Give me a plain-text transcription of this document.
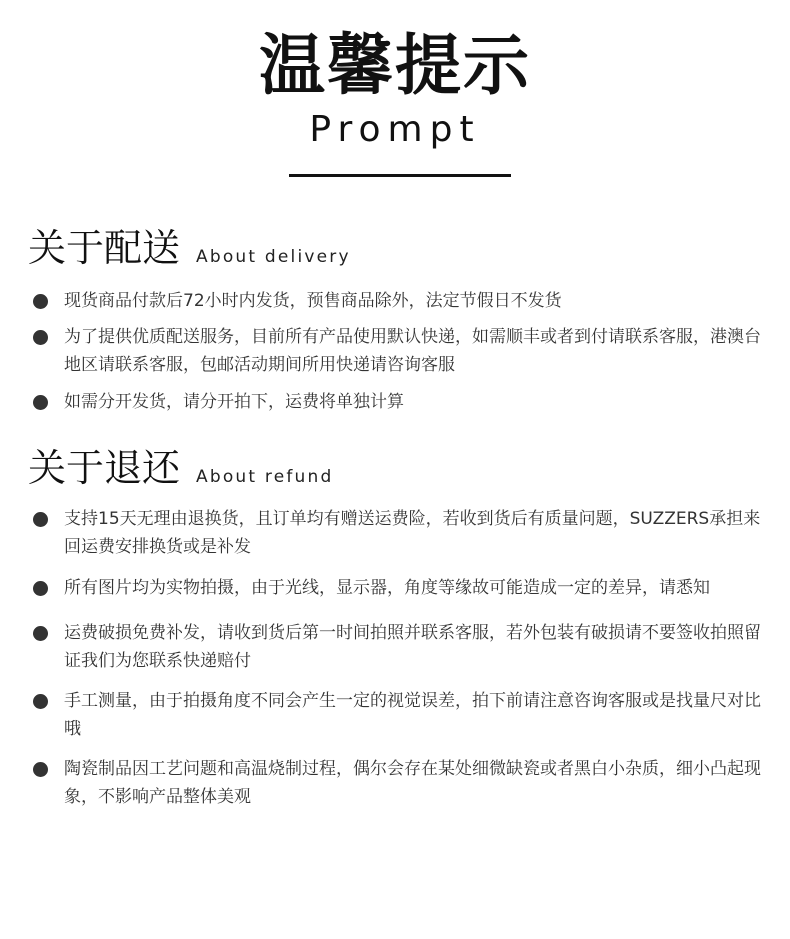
温馨提示
Prompt
关于配送 About delivery
现货商品付款后72小时内发货，预售商品除外，法定节假日不发货
为了提供优质配送服务，目前所有产品使用默认快递，如需顺丰或者到付请联系客服，港澳台地区请联系客服，包邮活动期间所用快递请咨询客服
如需分开发货，请分开拍下，运费将单独计算
关于退还 About refund
支持15天无理由退换货，且订单均有赠送运费险，若收到货后有质量问题，SUZZERS承担来回运费安排换货或是补发
所有图片均为实物拍摄，由于光线，显示器，角度等缘故可能造成一定的差异，请悉知
运费破损免费补发，请收到货后第一时间拍照并联系客服，若外包装有破损请不要签收拍照留证我们为您联系快递赔付
手工测量，由于拍摄角度不同会产生一定的视觉误差，拍下前请注意咨询客服或是找量尺对比哦
陶瓷制品因工艺问题和高温烧制过程，偶尔会存在某处细微缺瓷或者黑白小杂质，细小凸起现象，不影响产品整体美观
